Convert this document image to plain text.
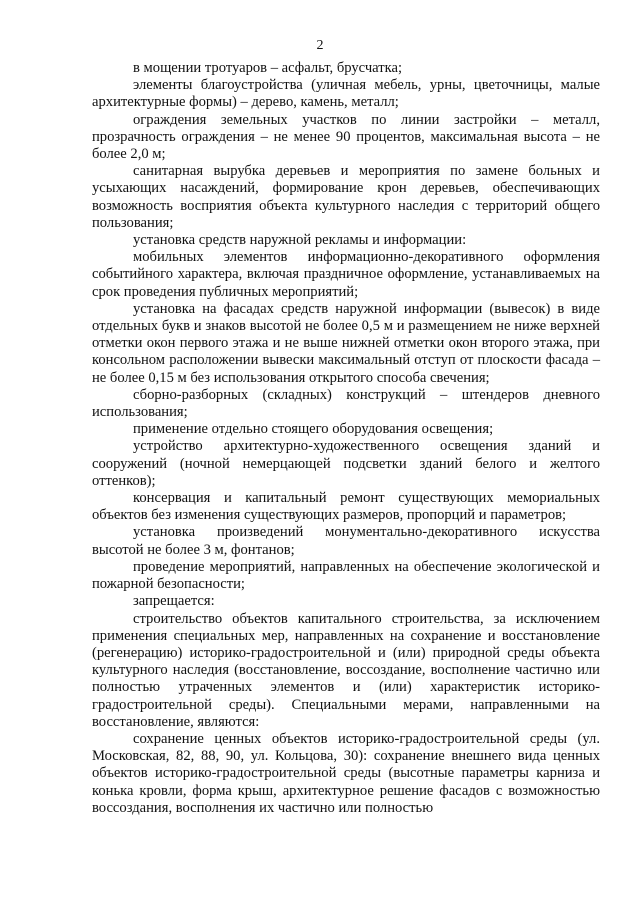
2

в мощении тротуаров – асфальт, брусчатка;

элементы благоустройства (уличная мебель, урны, цветочницы, малые архитектурные формы) – дерево, камень, металл;

ограждения земельных участков по линии застройки – металл, прозрачность ограждения – не менее 90 процентов, максимальная высота – не более 2,0 м;

санитарная вырубка деревьев и мероприятия по замене больных и усыхающих насаждений, формирование крон деревьев, обеспечивающих возможность восприятия объекта культурного наследия с территорий общего пользования;

установка средств наружной рекламы и информации:

мобильных элементов информационно-декоративного оформления событийного характера, включая праздничное оформление, устанавливаемых на срок проведения публичных мероприятий;

установка на фасадах средств наружной информации (вывесок) в виде отдельных букв и знаков высотой не более 0,5 м и размещением не ниже верхней отметки окон первого этажа и не выше нижней отметки окон второго этажа, при консольном расположении вывески максимальный отступ от плоскости фасада – не более 0,15 м без использования открытого способа свечения;

сборно-разборных (складных) конструкций – штендеров дневного использования;

применение отдельно стоящего оборудования освещения;

устройство архитектурно-художественного освещения зданий и сооружений (ночной немерцающей подсветки зданий белого и желтого оттенков);

консервация и капитальный ремонт существующих мемориальных объектов без изменения существующих размеров, пропорций и параметров;

установка произведений монументально-декоративного искусства высотой не более 3 м, фонтанов;

проведение мероприятий, направленных на обеспечение экологической и пожарной безопасности;

запрещается:

строительство объектов капитального строительства, за исключением применения специальных мер, направленных на сохранение и восстановление (регенерацию) историко-градостроительной и (или) природной среды объекта культурного наследия (восстановление, воссоздание, восполнение частично или полностью утраченных элементов и (или) характеристик историко-градостроительной среды). Специальными мерами, направленными на восстановление, являются:

сохранение ценных объектов историко-градостроительной среды (ул. Московская, 82, 88, 90, ул. Кольцова, 30): сохранение внешнего вида ценных объектов историко-градостроительной среды (высотные параметры карниза и конька кровли, форма крыш, архитектурное решение фасадов с возможностью воссоздания, восполнения их частично или полностью
